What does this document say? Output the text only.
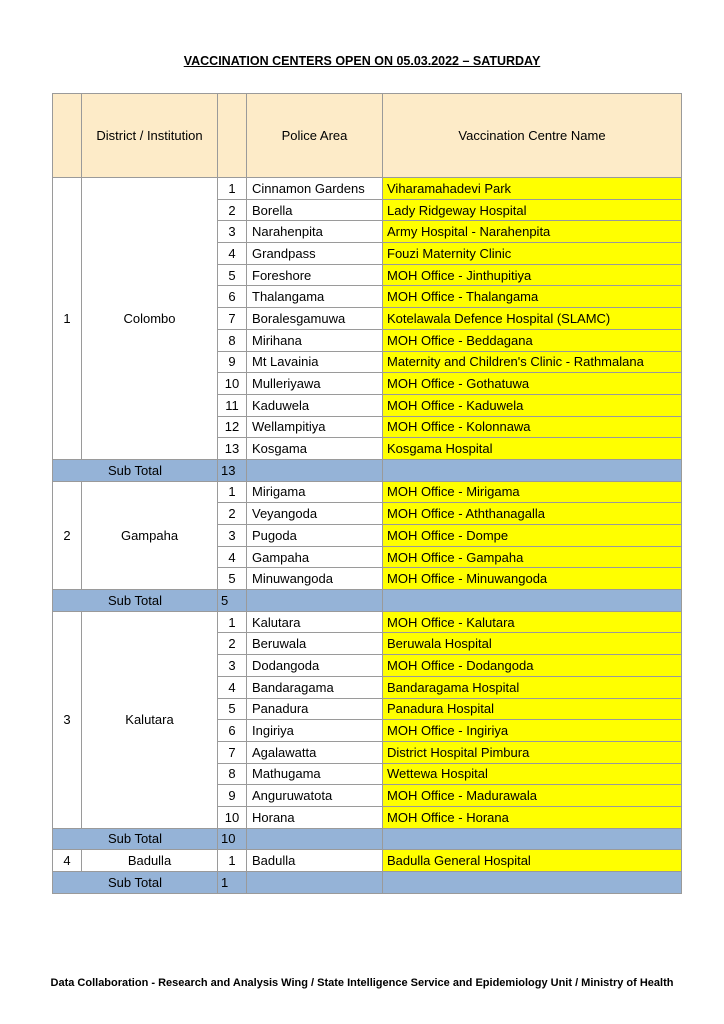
VACCINATION CENTERS OPEN ON 05.03.2022 – SATURDAY
	District / Institution		Police Area	Vaccination Centre Name
1	Colombo	1	Cinnamon Gardens	Viharamahadevi Park
		2	Borella	Lady Ridgeway Hospital
		3	Narahenpita	Army Hospital - Narahenpita
		4	Grandpass	Fouzi Maternity Clinic
		5	Foreshore	MOH Office - Jinthupitiya
		6	Thalangama	MOH Office - Thalangama
		7	Boralesgamuwa	Kotelawala Defence Hospital (SLAMC)
		8	Mirihana	MOH Office - Beddagana
		9	Mt Lavainia	Maternity and Children's Clinic - Rathmalana
		10	Mulleriyawa	MOH Office - Gothatuwa
		11	Kaduwela	MOH Office - Kaduwela
		12	Wellampitiya	MOH Office - Kolonnawa
		13	Kosgama	Kosgama Hospital
Sub Total		13		
2	Gampaha	1	Mirigama	MOH Office - Mirigama
		2	Veyangoda	MOH Office - Aththanagalla
		3	Pugoda	MOH Office - Dompe
		4	Gampaha	MOH Office - Gampaha
		5	Minuwangoda	MOH Office - Minuwangoda
Sub Total		5		
3	Kalutara	1	Kalutara	MOH Office - Kalutara
		2	Beruwala	Beruwala Hospital
		3	Dodangoda	MOH Office - Dodangoda
		4	Bandaragama	Bandaragama Hospital
		5	Panadura	Panadura Hospital
		6	Ingiriya	MOH Office - Ingiriya
		7	Agalawatta	District Hospital Pimbura
		8	Mathugama	Wettewa Hospital
		9	Anguruwatota	MOH Office - Madurawala
		10	Horana	MOH Office - Horana
Sub Total		10		
4	Badulla	1	Badulla	Badulla General Hospital
Sub Total		1		
Data Collaboration - Research and Analysis Wing / State Intelligence Service and Epidemiology Unit / Ministry of Health
